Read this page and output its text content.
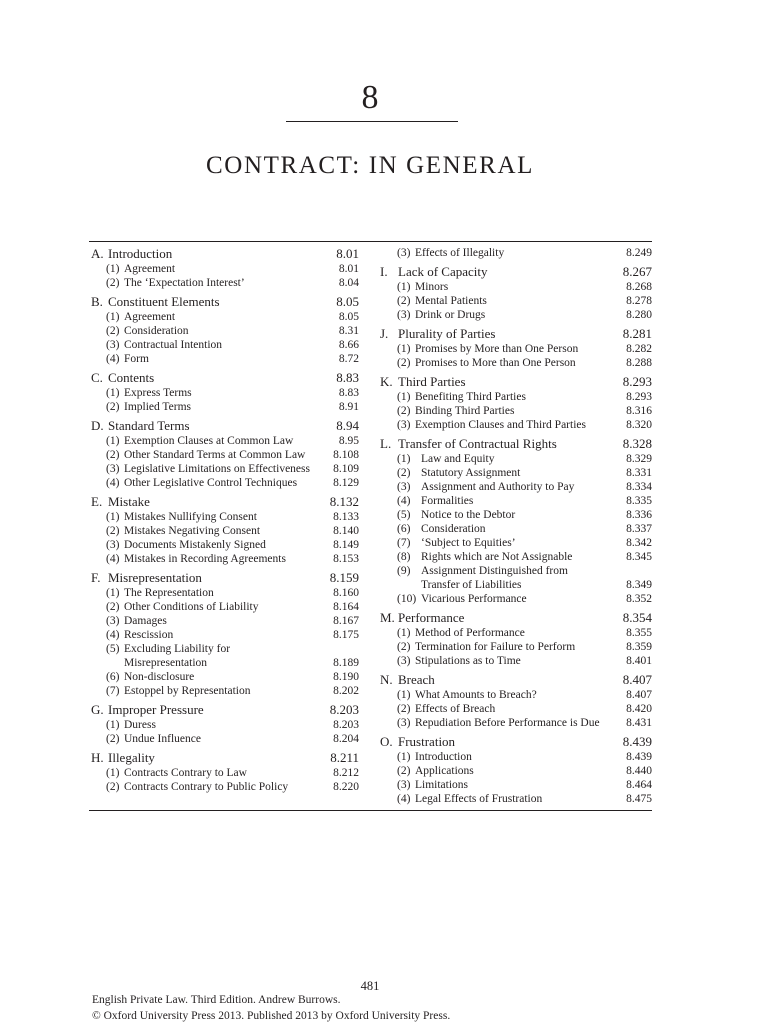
8
CONTRACT: IN GENERAL
A. Introduction	8.01
(1) Agreement	8.01
(2) The ‘Expectation Interest’	8.04
B. Constituent Elements	8.05
(1) Agreement	8.05
(2) Consideration	8.31
(3) Contractual Intention	8.66
(4) Form	8.72
C. Contents	8.83
(1) Express Terms	8.83
(2) Implied Terms	8.91
D. Standard Terms	8.94
(1) Exemption Clauses at Common Law	8.95
(2) Other Standard Terms at Common Law	8.108
(3) Legislative Limitations on Effectiveness	8.109
(4) Other Legislative Control Techniques	8.129
E. Mistake	8.132
(1) Mistakes Nullifying Consent	8.133
(2) Mistakes Negativing Consent	8.140
(3) Documents Mistakenly Signed	8.149
(4) Mistakes in Recording Agreements	8.153
F. Misrepresentation	8.159
(1) The Representation	8.160
(2) Other Conditions of Liability	8.164
(3) Damages	8.167
(4) Rescission	8.175
(5) Excluding Liability for Misrepresentation	8.189
(6) Non-disclosure	8.190
(7) Estoppel by Representation	8.202
G. Improper Pressure	8.203
(1) Duress	8.203
(2) Undue Influence	8.204
H. Illegality	8.211
(1) Contracts Contrary to Law	8.212
(2) Contracts Contrary to Public Policy	8.220
(3) Effects of Illegality	8.249
I. Lack of Capacity	8.267
(1) Minors	8.268
(2) Mental Patients	8.278
(3) Drink or Drugs	8.280
J. Plurality of Parties	8.281
(1) Promises by More than One Person	8.282
(2) Promises to More than One Person	8.288
K. Third Parties	8.293
(1) Benefiting Third Parties	8.293
(2) Binding Third Parties	8.316
(3) Exemption Clauses and Third Parties	8.320
L. Transfer of Contractual Rights	8.328
(1) Law and Equity	8.329
(2) Statutory Assignment	8.331
(3) Assignment and Authority to Pay	8.334
(4) Formalities	8.335
(5) Notice to the Debtor	8.336
(6) Consideration	8.337
(7) ‘Subject to Equities’	8.342
(8) Rights which are Not Assignable	8.345
(9) Assignment Distinguished from Transfer of Liabilities	8.349
(10) Vicarious Performance	8.352
M. Performance	8.354
(1) Method of Performance	8.355
(2) Termination for Failure to Perform	8.359
(3) Stipulations as to Time	8.401
N. Breach	8.407
(1) What Amounts to Breach?	8.407
(2) Effects of Breach	8.420
(3) Repudiation Before Performance is Due	8.431
O. Frustration	8.439
(1) Introduction	8.439
(2) Applications	8.440
(3) Limitations	8.464
(4) Legal Effects of Frustration	8.475
481
English Private Law. Third Edition. Andrew Burrows.
© Oxford University Press 2013. Published 2013 by Oxford University Press.
